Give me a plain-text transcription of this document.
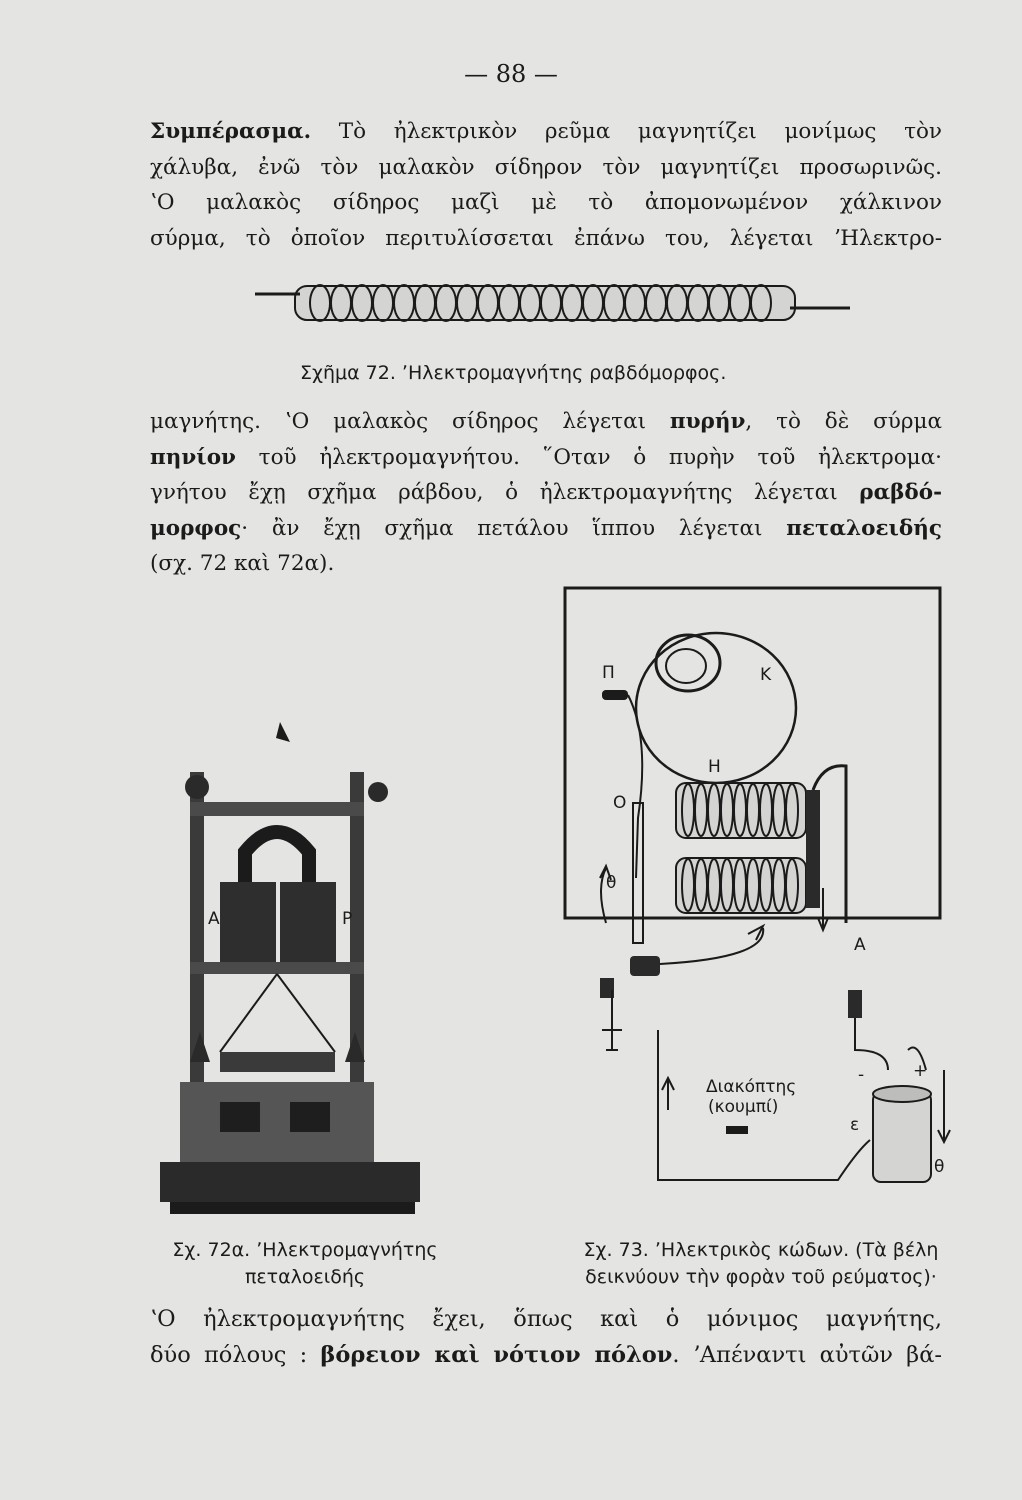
— 88 —

Συμπέρασμα. Τὸ ἠλεκτρικὸν ρεῦμα μαγνητίζει μονίμως τὸν
χάλυβα, ἐνῶ τὸν μαλακὸν σίδηρον τὸν μαγνητίζει προσωρινῶς.
ʽΟ μαλακὸς σίδηρος μαζὶ μὲ τὸ ἀπομονωμένον χάλκινον
σύρμα, τὸ ὁποῖον περιτυλίσσεται ἐπάνω του, λέγεται ʼΗλεκτρο-

Σχῆμα 72. ʼΗλεκτρομαγνήτης ραβδόμορφος.

μαγνήτης. ʽΟ μαλακὸς σίδηρος λέγεται πυρήν, τὸ δὲ σύρμα
πηνίον τοῦ ἠλεκτρομαγνήτου. ῞Οταν ὁ πυρὴν τοῦ ἠλεκτρομα·
γνήτου ἔχῃ σχῆμα ράβδου, ὁ ἠλεκτρομαγνήτης λέγεται ραβδό-
μορφος· ἂν ἔχῃ σχῆμα πετάλου ἵππου λέγεται πεταλοειδής
(σχ. 72 καὶ 72α).

Α	Ρ
Π	Κ
Ο
θ
Η
Α
Διακόπτης
(κουμπί)
-	+
ε
θ
Σχ. 72α. ʼΗλεκτρομαγνήτης
πεταλοειδής
Σχ. 73. ʼΗλεκτρικὸς κώδων. (Τὰ βέλη
δεικνύουν τὴν φορὰν τοῦ ρεύματος)·

ʽΟ ἠλεκτρομαγνήτης ἔχει, ὅπως καὶ ὁ μόνιμος μαγνήτης,
δύο πόλους : βόρειον καὶ νότιον πόλον. ʼΑπέναντι αὐτῶν βά-
